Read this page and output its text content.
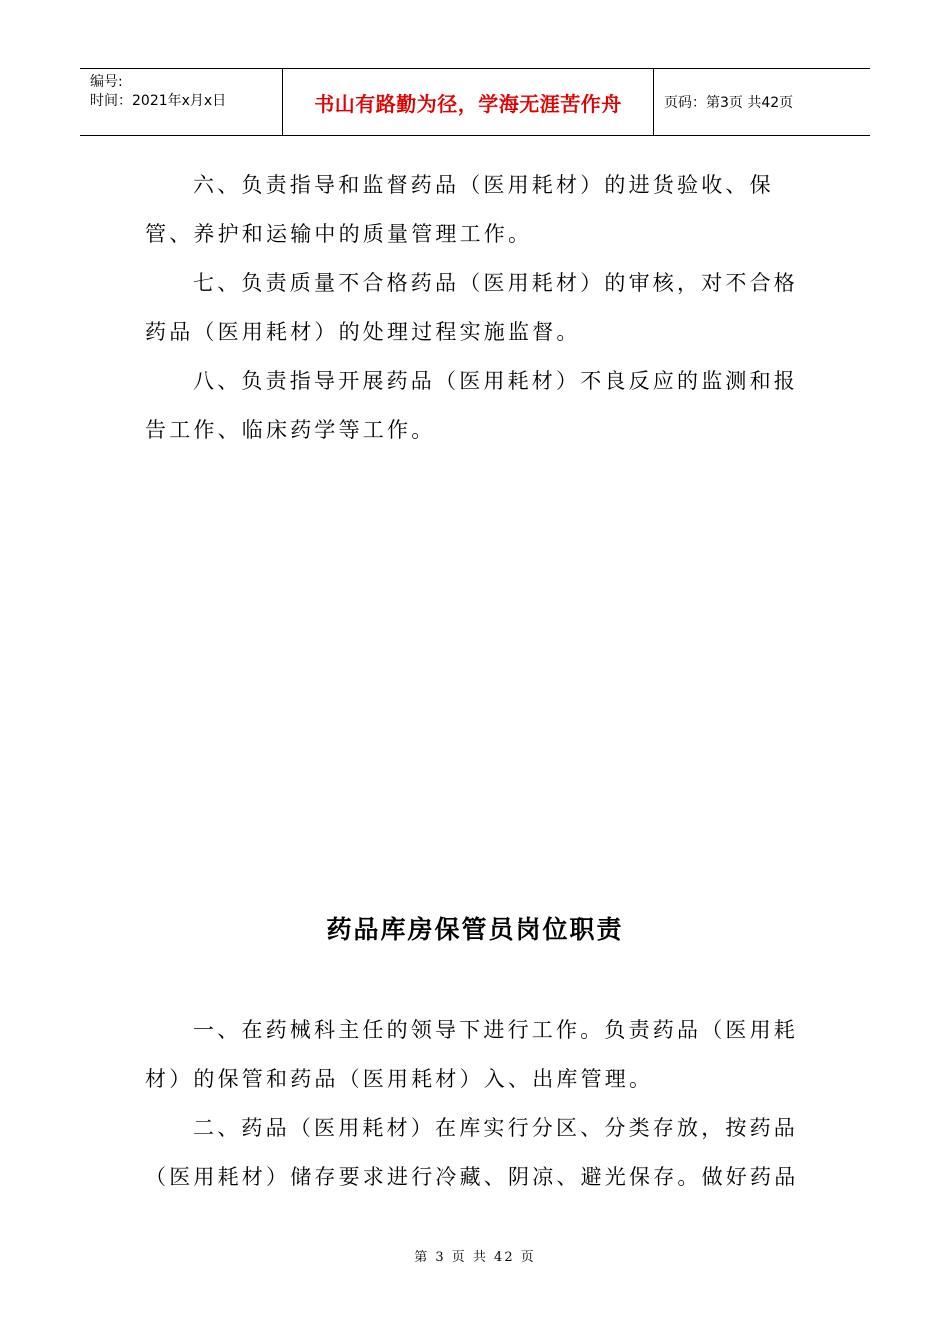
编号:
时间：2021年x月x日	书山有路勤为径，学海无涯苦作舟	页码：第3页 共42页

六、负责指导和监督药品（医用耗材）的进货验收、保管、养护和运输中的质量管理工作。

七、负责质量不合格药品（医用耗材）的审核，对不合格药品（医用耗材）的处理过程实施监督。

八、负责指导开展药品（医用耗材）不良反应的监测和报告工作、临床药学等工作。

药品库房保管员岗位职责

一、在药械科主任的领导下进行工作。负责药品（医用耗材）的保管和药品（医用耗材）入、出库管理。

二、药品（医用耗材）在库实行分区、分类存放，按药品（医用耗材）储存要求进行冷藏、阴凉、避光保存。做好药品

第 3 页 共 42 页
